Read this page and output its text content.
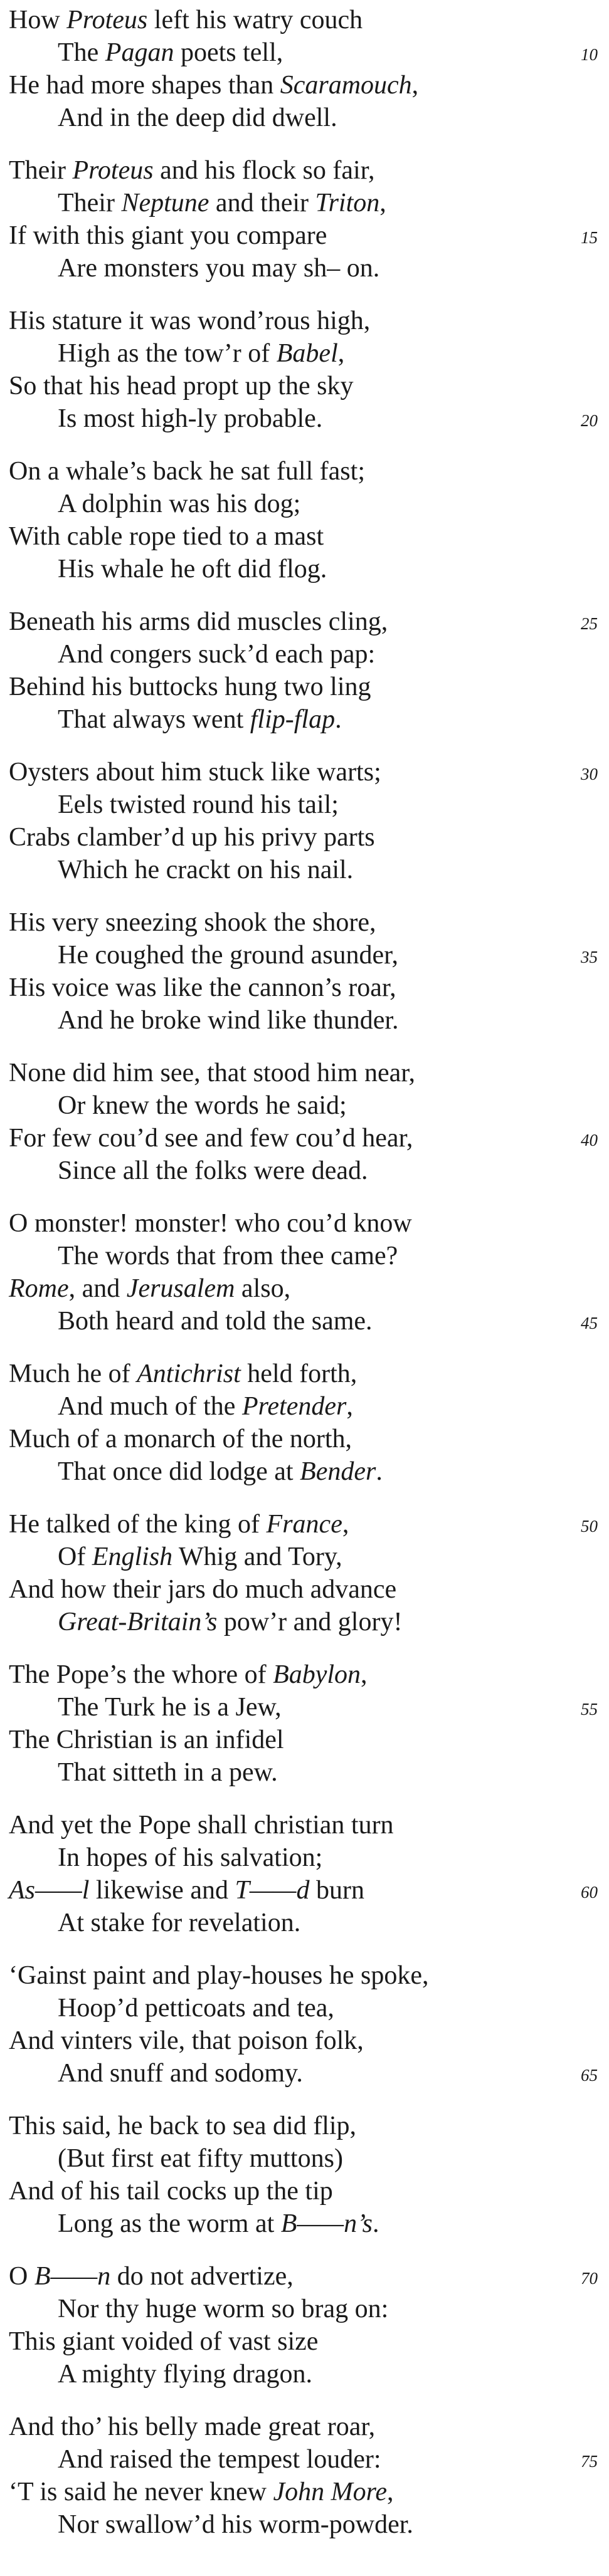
How Proteus left his watry couch
The Pagan poets tell,
He had more shapes than Scaramouch,
And in the deep did dwell.
10
Their Proteus and his flock so fair,
Their Neptune and their Triton,
If with this giant you compare
Are monsters you may sh– on.
15
His stature it was wond’rous high,
High as the tow’r of Babel,
So that his head propt up the sky
Is most high-ly probable.	20
On a whale’s back he sat full fast;
A dolphin was his dog;
With cable rope tied to a mast
His whale he oft did flog.
Beneath his arms did muscles cling,
And congers suck’d each pap:
Behind his buttocks hung two ling
That always went flip-flap.
25
Oysters about him stuck like warts;
Eels twisted round his tail;
Crabs clamber’d up his privy parts
Which he crackt on his nail.
30
His very sneezing shook the shore,
He coughed the ground asunder,
His voice was like the cannon’s roar,
And he broke wind like thunder.
35
None did him see, that stood him near,
Or knew the words he said;
For few cou’d see and few cou’d hear,
Since all the folks were dead.
40
O monster! monster! who cou’d know
The words that from thee came?
Rome, and Jerusalem also,
Both heard and told the same.	45
Much he of Antichrist held forth,
And much of the Pretender,
Much of a monarch of the north,
That once did lodge at Bender.
He talked of the king of France,
Of English Whig and Tory,
And how their jars do much advance
Great-Britain’s pow’r and glory!
50
The Pope’s the whore of Babylon,
The Turk he is a Jew,
The Christian is an infidel
That sitteth in a pew.
55
And yet the Pope shall christian turn
In hopes of his salvation;
As——l likewise and T——d burn
At stake for revelation.
60
‘Gainst paint and play-houses he spoke,
Hoop’d petticoats and tea,
And vinters vile, that poison folk,
And snuff and sodomy.	65
This said, he back to sea did flip,
(But first eat fifty muttons)
And of his tail cocks up the tip
Long as the worm at B——n’s.
O B——n do not advertize,
Nor thy huge worm so brag on:
This giant voided of vast size
A mighty flying dragon.
70
And tho’ his belly made great roar,
And raised the tempest louder:
‘T is said he never knew John More,
Nor swallow’d his worm-powder.
75
